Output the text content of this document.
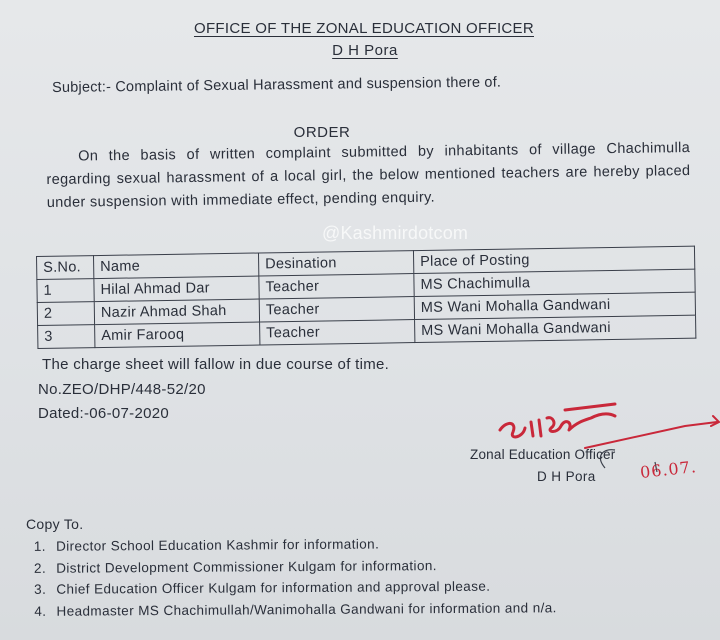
OFFICE OF THE ZONAL EDUCATION OFFICER
D H Pora
Subject:- Complaint of Sexual Harassment and suspension there of.
ORDER
On the basis of written complaint submitted by inhabitants of village Chachimulla regarding sexual harassment of a local girl, the below mentioned teachers are hereby placed under suspension with immediate effect, pending enquiry.
@Kashmirdotcom
S.No.	Name	Desination	Place of Posting
1	Hilal Ahmad Dar	Teacher	MS Chachimulla
2	Nazir Ahmad Shah	Teacher	MS Wani Mohalla Gandwani
3	Amir Farooq	Teacher	MS Wani Mohalla Gandwani
The charge sheet will fallow in due course of time.
No.ZEO/DHP/448-52/20
Dated:-06-07-2020
Zonal Education Officer
D H Pora	06.07.
Copy To.
1. Director School Education Kashmir for information.
2. District Development Commissioner Kulgam for information.
3. Chief Education Officer Kulgam for information and approval please.
4. Headmaster MS Chachimullah/Wanimohalla Gandwani for information and n/a.
